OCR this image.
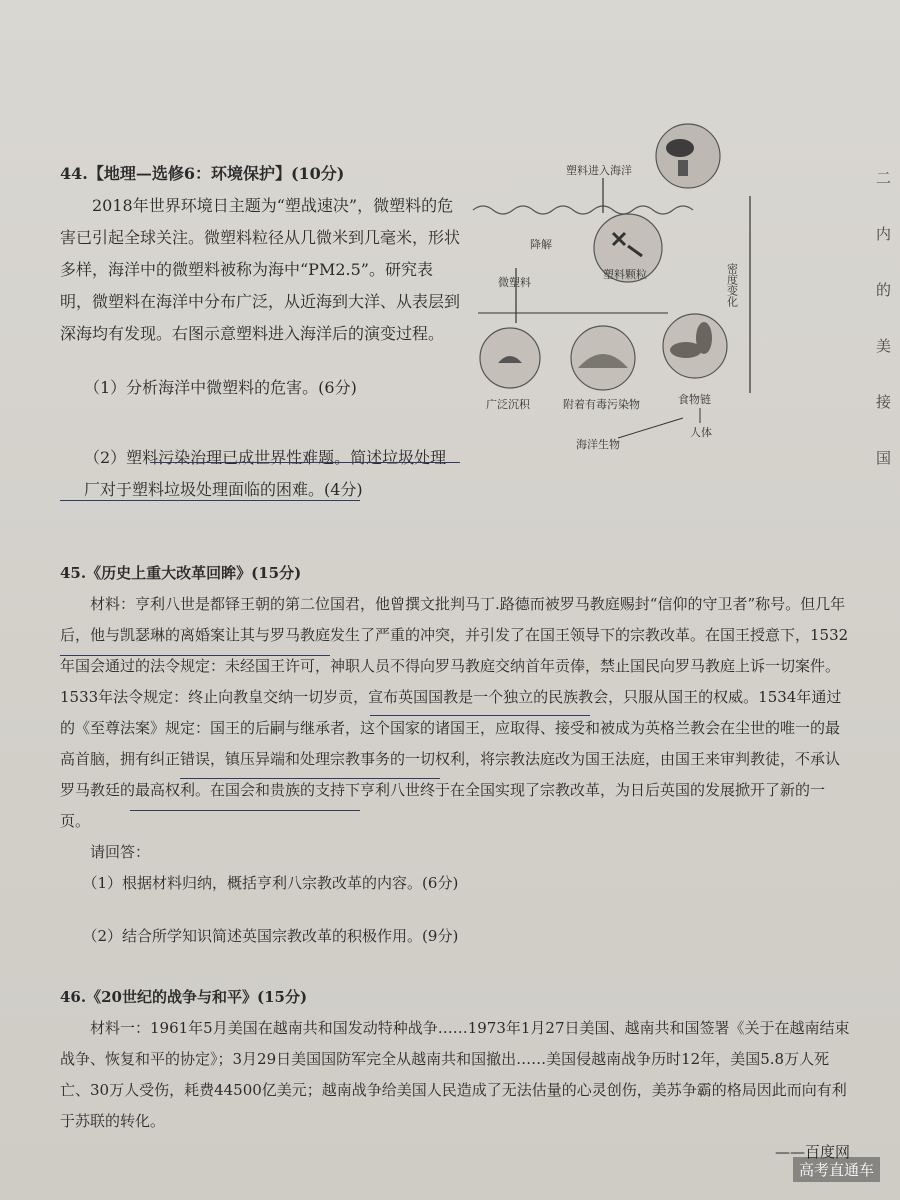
44.【地理—选修6：环境保护】(10分)

2018年世界环境日主题为“塑战速决”，微塑料的危害已引起全球关注。微塑料粒径从几微米到几毫米，形状多样，海洋中的微塑料被称为海中“PM2.5”。研究表明，微塑料在海洋中分布广泛，从近海到大洋、从表层到深海均有发现。右图示意塑料进入海洋后的演变过程。

（1）分析海洋中微塑料的危害。(6分)

（2）塑料污染治理已成世界性难题。简述垃圾处理厂对于塑料垃圾处理面临的困难。(4分)

塑料进入海洋
降解
微塑料
塑料颗粒	密度变化
广泛沉积	附着有毒污染物	食物链
海洋生物
人体

45.《历史上重大改革回眸》(15分)

材料：亨利八世是都铎王朝的第二位国君，他曾撰文批判马丁.路德而被罗马教庭赐封“信仰的守卫者”称号。但几年后，他与凯瑟琳的离婚案让其与罗马教庭发生了严重的冲突，并引发了在国王领导下的宗教改革。在国王授意下，1532年国会通过的法令规定：未经国王许可，神职人员不得向罗马教庭交纳首年贡俸，禁止国民向罗马教庭上诉一切案件。1533年法令规定：终止向教皇交纳一切岁贡，宣布英国国教是一个独立的民族教会，只服从国王的权威。1534年通过的《至尊法案》规定：国王的后嗣与继承者，这个国家的诸国王，应取得、接受和被成为英格兰教会在尘世的唯一的最高首脑，拥有纠正错误，镇压异端和处理宗教事务的一切权利，将宗教法庭改为国王法庭，由国王来审判教徒，不承认罗马教廷的最高权利。在国会和贵族的支持下亨利八世终于在全国实现了宗教改革，为日后英国的发展掀开了新的一页。

请回答：

（1）根据材料归纳，概括亨利八宗教改革的内容。(6分)

（2）结合所学知识简述英国宗教改革的积极作用。(9分)

46.《20世纪的战争与和平》(15分)

材料一：1961年5月美国在越南共和国发动特种战争……1973年1月27日美国、越南共和国签署《关于在越南结束战争、恢复和平的协定》；3月29日美国国防军完全从越南共和国撤出……美国侵越南战争历时12年，美国5.8万人死亡、30万人受伤，耗费44500亿美元；越南战争给美国人民造成了无法估量的心灵创伤，美苏争霸的格局因此而向有利于苏联的转化。

——百度网

二
内
的
美
接
国
高考直通车
